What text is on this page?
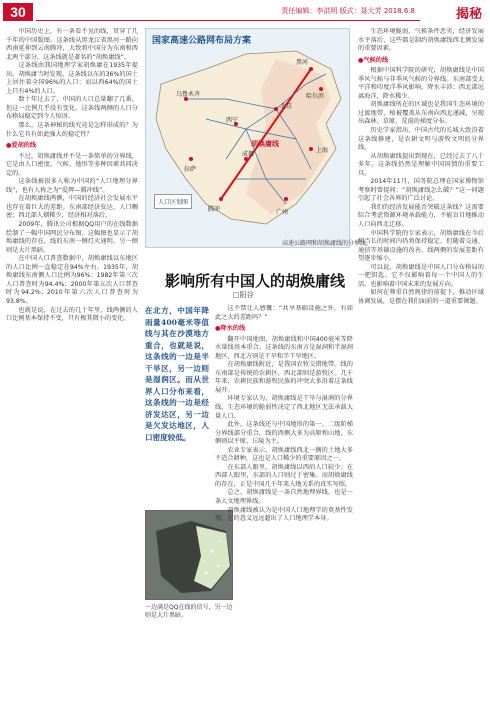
30	责任编辑：李洪明 版式：聂大芳 2018.6.8	揭秘

中国历史上，有一条看不见的线，贯穿了几千年的中国版图。这条线从黑龙江省黑河一路向西南延伸到云南腾冲，大致将中国分为东南和西北两个部分。这条线就是著名的“胡焕庸线”。

这条线由我国地理学家胡焕庸在1935年提出。胡焕庸当时发现，这条线以东的36%的国土上居住着全国96%的人口；而以西64%的国土上只有4%的人口。

数十年过去了，中国的人口总量翻了几番，但这一比例几乎没有变化。这条线两侧的人口分布格局稳定到令人惊讶。

那么，这条神秘的线究竟是怎样形成的？为什么它具有如此强大的稳定性？

●爱胡的线

不过，胡焕庸线并不是一条简单的分界线，它是由人口密度、气候、地形等多种因素共同决定的。

这条线被很多人称为中国的“人口地理分界线”，也有人称之为“爱辉—腾冲线”。

在胡焕庸线两侧，中国的经济社会发展水平也存在着巨大的差距。东南部经济发达，人口稠密；西北部人烟稀少，经济相对落后。

2009年，腾讯公司根据QQ用户的在线数据绘制了一幅中国网民分布图，这幅图也显示了胡焕庸线的存在，线的东南一侧灯火通明，另一侧则是大片黑暗。

在中国人口普查数据中，胡焕庸线以东地区的人口比例一直稳定在94%左右。1935年，胡焕庸线东南侧人口比例为96%；1982年第三次人口普查时为94.4%；2000年第五次人口普查时为94.2%；2010年第六次人口普查时为93.8%。

也就是说，在过去的几十年里，线两侧的人口比例基本保持不变，只有极其微小的变化。

国家高速公路网布局方案
黑河
哈尔滨
腾冲
西宁
北京
上海
乌鲁木齐
拉萨
成都
广州
胡焕庸线
人口区划图
高速公路网和胡焕庸线的分界线。

生态环境脆弱，气候条件恶劣，经济发展水平落后，这些都是制约胡焕庸线西北侧发展的重要因素。

●气候的线

根据中国科学院的研究，胡焕庸线是中国季风气候与非季风气候的分界线。东南部受太平洋和印度洋季风影响，降水丰沛；西北部远离海洋，降水稀少。

胡焕庸线所在的区域也是我国生态环境的过渡地带，植被覆盖从东南向西北递减，呈现出森林、草原、荒漠的梯度分布。

历史学家指出，中国古代的长城大致沿着这条线修建，是农耕文明与游牧文明的分界线。

从胡焕庸线提出到现在，已经过去了八十多年。这条线仍然是理解中国国情的重要工具。

2014年11月，国务院总理在国家博物馆考察时曾提问：“胡焕庸线怎么破？”这一问题引起了社会各界的广泛讨论。

我们的经济发展能否突破这条线？这需要综合考虑资源环境承载能力，不能盲目地推动人口向西北迁移。

中国科学院的专家表示，胡焕庸线在今后相当长的时间内仍将保持稳定，但随着交通、通信等基础设施的改善，线两侧的发展差距有望逐步缩小。

可以说，胡焕庸线是中国人口分布格局的一把钥匙。它不仅影响着每一个中国人的生活，也影响着中国未来的发展方向。

如何在尊重自然规律的前提下，推动区域协调发展，是摆在我们面前的一道重要课题。

影响所有中国人的胡焕庸线
□阳谷
在北方，中国年降雨量400毫米等值线与其在沙漠地方重合，也就是说，这条线的一边是半干旱区，另一边则是湿润区。而从世界人口分布来看，这条线的一边是经济发达区，另一边是欠发达地区，人口密度较低。
一边满是QQ在线的信号，另一边则是大片黑暗。

这不禁让人感慨：“共享基础设施之外，有如此之大的差距吗？”

●降水的线

翻开中国地图，胡焕庸线和中国400毫米等降水量线基本重合。这条线的东南方是湿润和半湿润地区，西北方则是干旱和半干旱地区。

在胡焕庸线附近，是我国农牧交错地带。线的东南部是传统的农耕区，西北部则是游牧区。几千年来，农耕民族和游牧民族的冲突大多沿着这条线展开。

环境专家认为，胡焕庸线是干旱与湿润的分界线，生态环境的脆弱性决定了西北地区无法承载大量人口。

此外，这条线还与中国地形的第一、二级阶梯分界线部分重合，线的西侧大多为高原和山地，东侧则以平原、丘陵为主。

农业专家表示，胡焕庸线西北一侧的土地大多不适合耕种，这也是人口稀少的重要原因之一。

在东部人眼里，胡焕庸线以西的人口较少；在西部人眼里，东部的人口则过于密集。而胡焕庸线的存在，正是中国几千年来人地关系的真实写照。

总之，胡焕庸线是一条自然地理界线，也是一条人文地理界线。

胡焕庸线被认为是中国人口地理学的奠基性发现，它的意义远远超出了人口地理学本身。
